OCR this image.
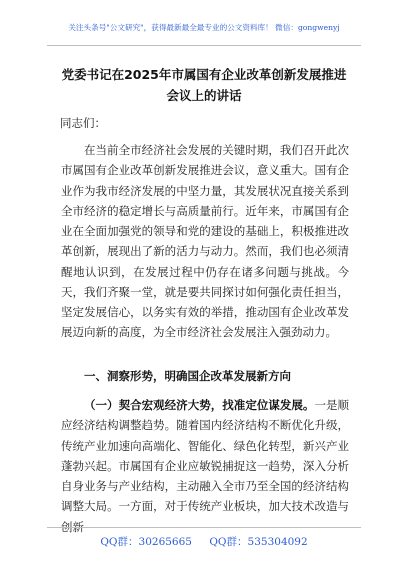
关注头条号"公文研究"，获得最新最全最专业的公文资料库！ 微信：gongwenyj
党委书记在2025年市属国有企业改革创新发展推进会议上的讲话
同志们：

在当前全市经济社会发展的关键时期，我们召开此次市属国有企业改革创新发展推进会议，意义重大。国有企业作为我市经济发展的中坚力量，其发展状况直接关系到全市经济的稳定增长与高质量前行。近年来，市属国有企业在全面加强党的领导和党的建设的基础上，积极推进改革创新，展现出了新的活力与动力。然而，我们也必须清醒地认识到，在发展过程中仍存在诸多问题与挑战。今天，我们齐聚一堂，就是要共同探讨如何强化责任担当，坚定发展信心，以务实有效的举措，推动国有企业改革发展迈向新的高度，为全市经济社会发展注入强劲动力。

一、洞察形势，明确国企改革发展新方向

（一）契合宏观经济大势，找准定位谋发展。一是顺应经济结构调整趋势。随着国内经济结构不断优化升级，传统产业加速向高端化、智能化、绿色化转型，新兴产业蓬勃兴起。市属国有企业应敏锐捕捉这一趋势，深入分析自身业务与产业结构，主动融入全市乃至全国的经济结构调整大局。一方面，对于传统产业板块，加大技术改造与创新

QQ群：30265665 QQ群：535304092
